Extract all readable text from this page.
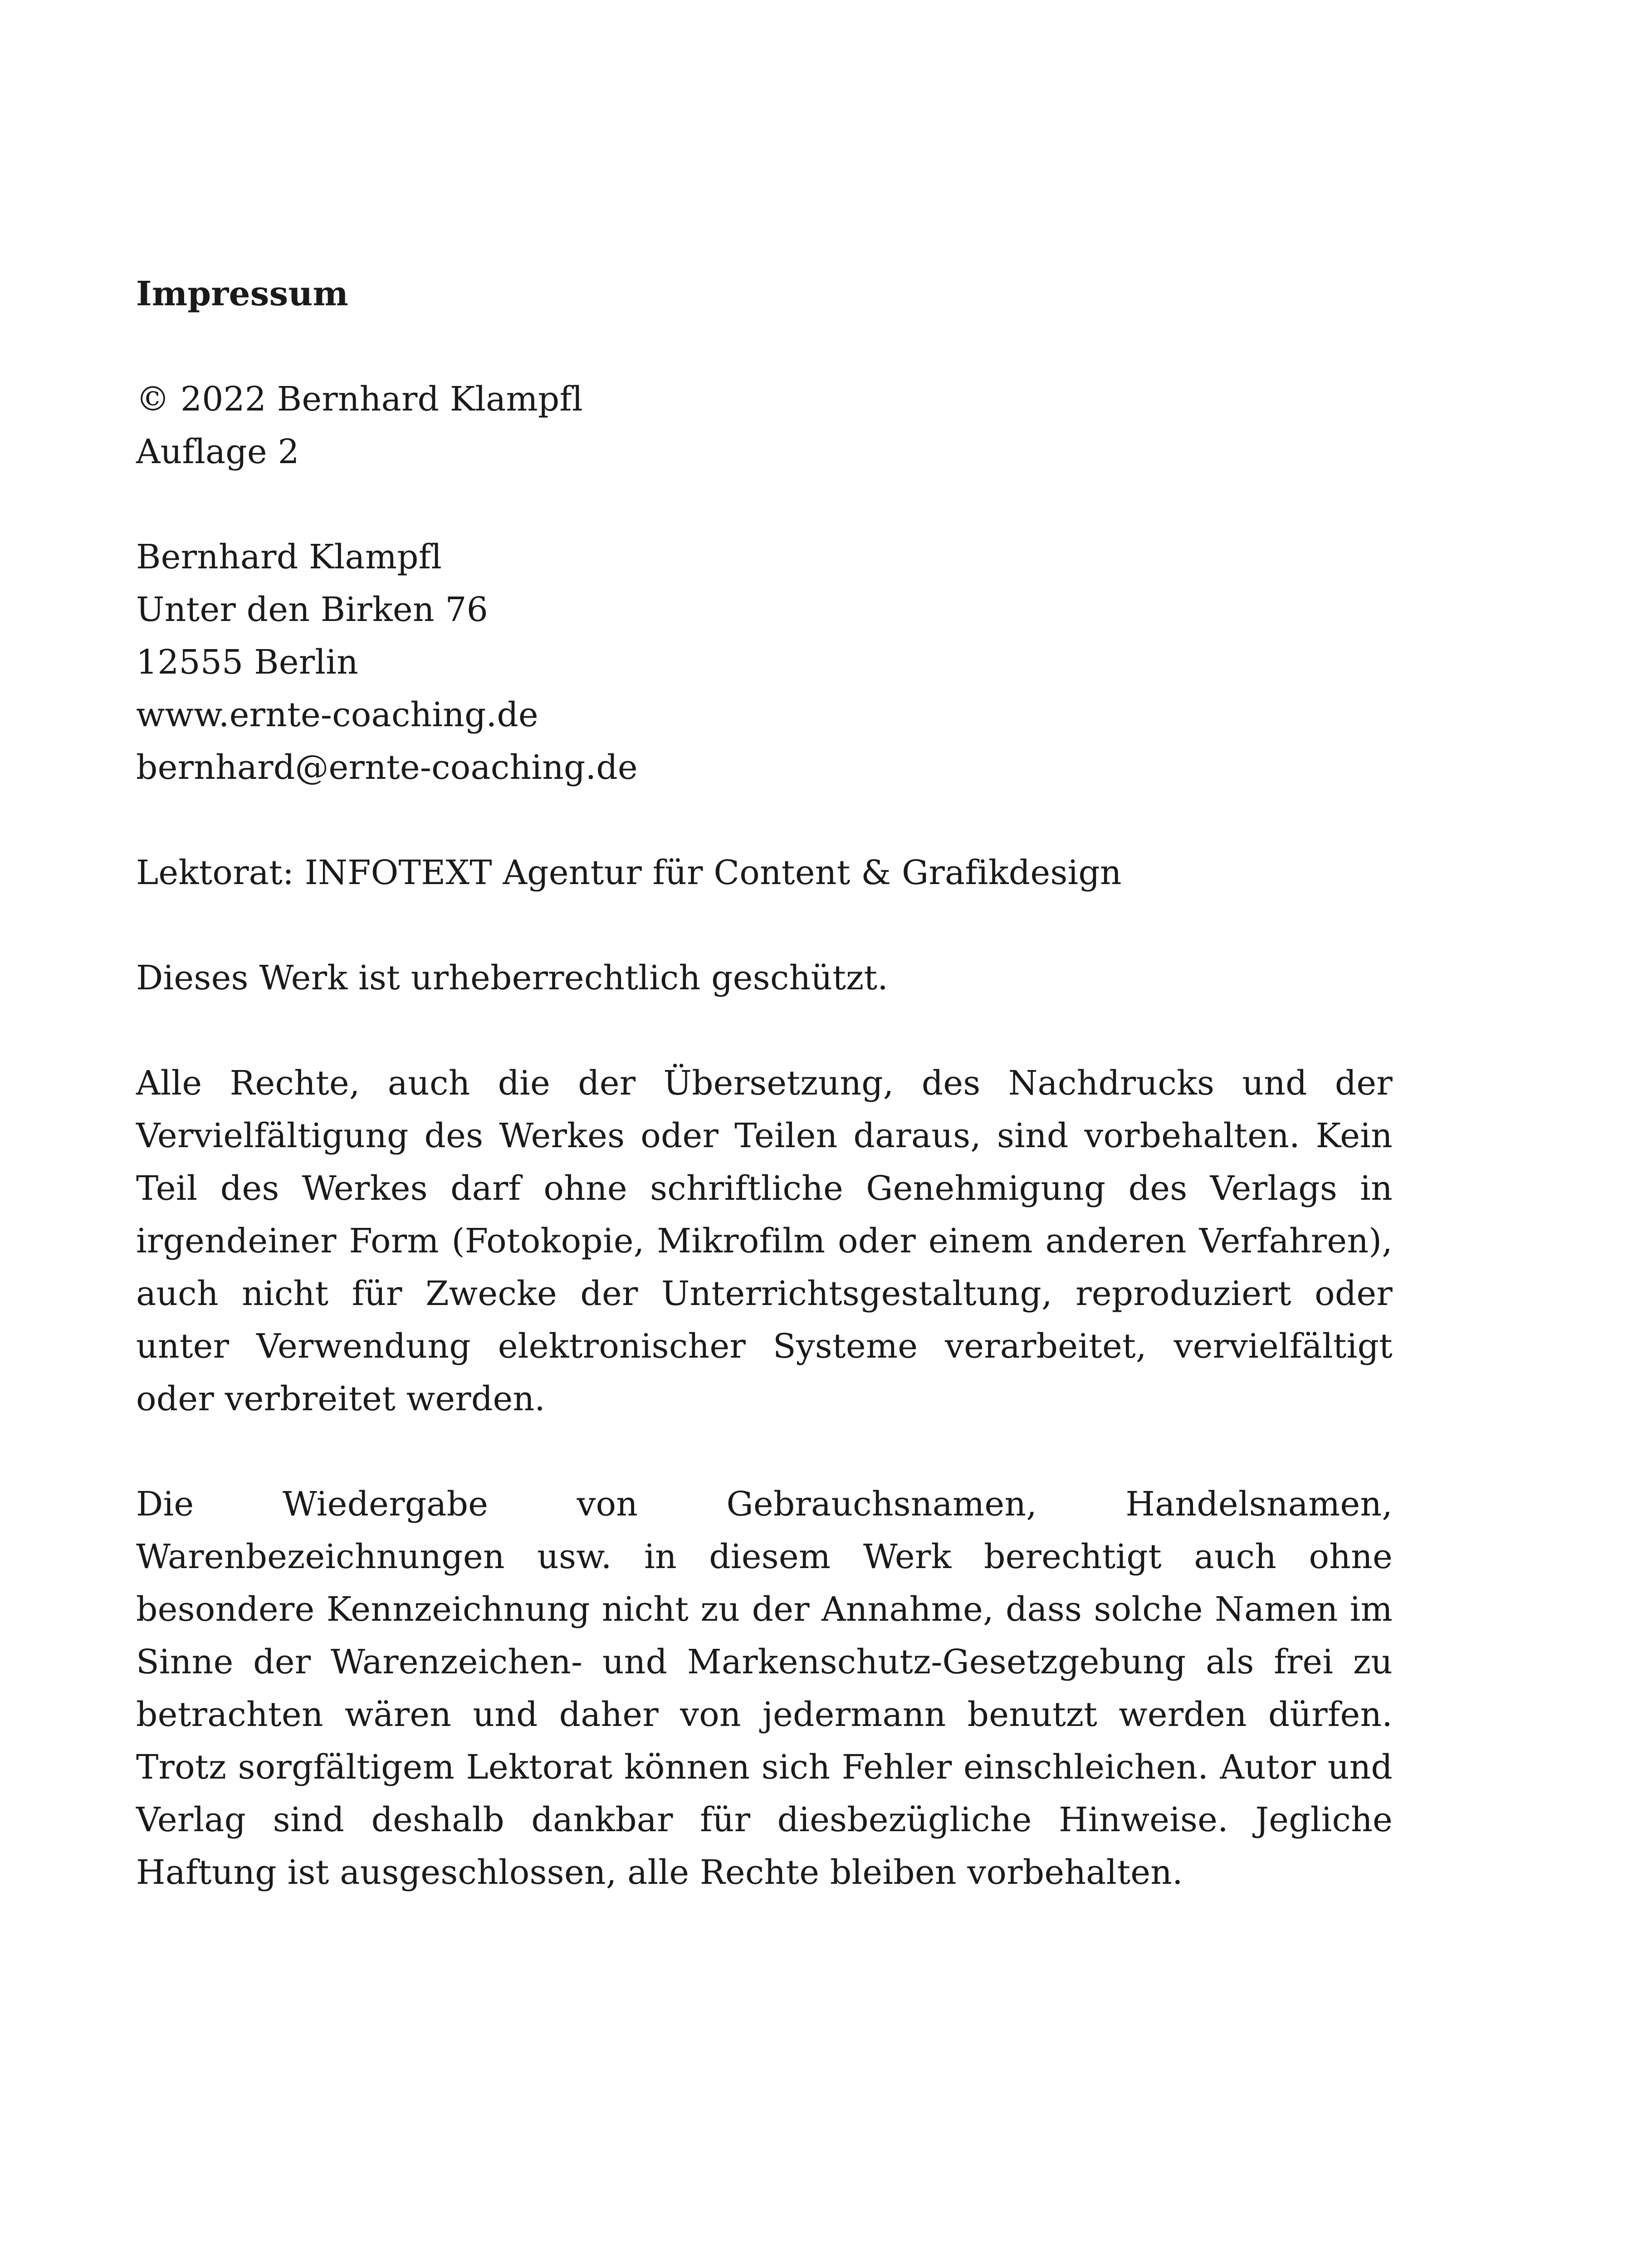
Impressum

© 2022 Bernhard Klampfl

Auflage 2

Bernhard Klampfl
Unter den Birken 76
12555 Berlin
www.ernte-coaching.de
bernhard@ernte-coaching.de

Lektorat: INFOTEXT Agentur für Content & Grafikdesign

Dieses Werk ist urheberrechtlich geschützt.

Alle Rechte, auch die der Übersetzung, des Nachdrucks und der Vervielfältigung des Werkes oder Teilen daraus, sind vorbehalten. Kein Teil des Werkes darf ohne schriftliche Genehmigung des Verlags in irgendeiner Form (Fotokopie, Mikrofilm oder einem anderen Verfahren), auch nicht für Zwecke der Unterrichtsgestaltung, reproduziert oder unter Verwendung elektronischer Systeme verarbeitet, vervielfältigt oder verbreitet werden.

Die Wiedergabe von Gebrauchsnamen, Handelsnamen, Warenbezeichnungen usw. in diesem Werk berechtigt auch ohne besondere Kennzeichnung nicht zu der Annahme, dass solche Namen im Sinne der Warenzeichen- und Markenschutz-Gesetzgebung als frei zu betrachten wären und daher von jedermann benutzt werden dürfen. Trotz sorgfältigem Lektorat können sich Fehler einschleichen. Autor und Verlag sind deshalb dankbar für diesbezügliche Hinweise. Jegliche Haftung ist ausgeschlossen, alle Rechte bleiben vorbehalten.
